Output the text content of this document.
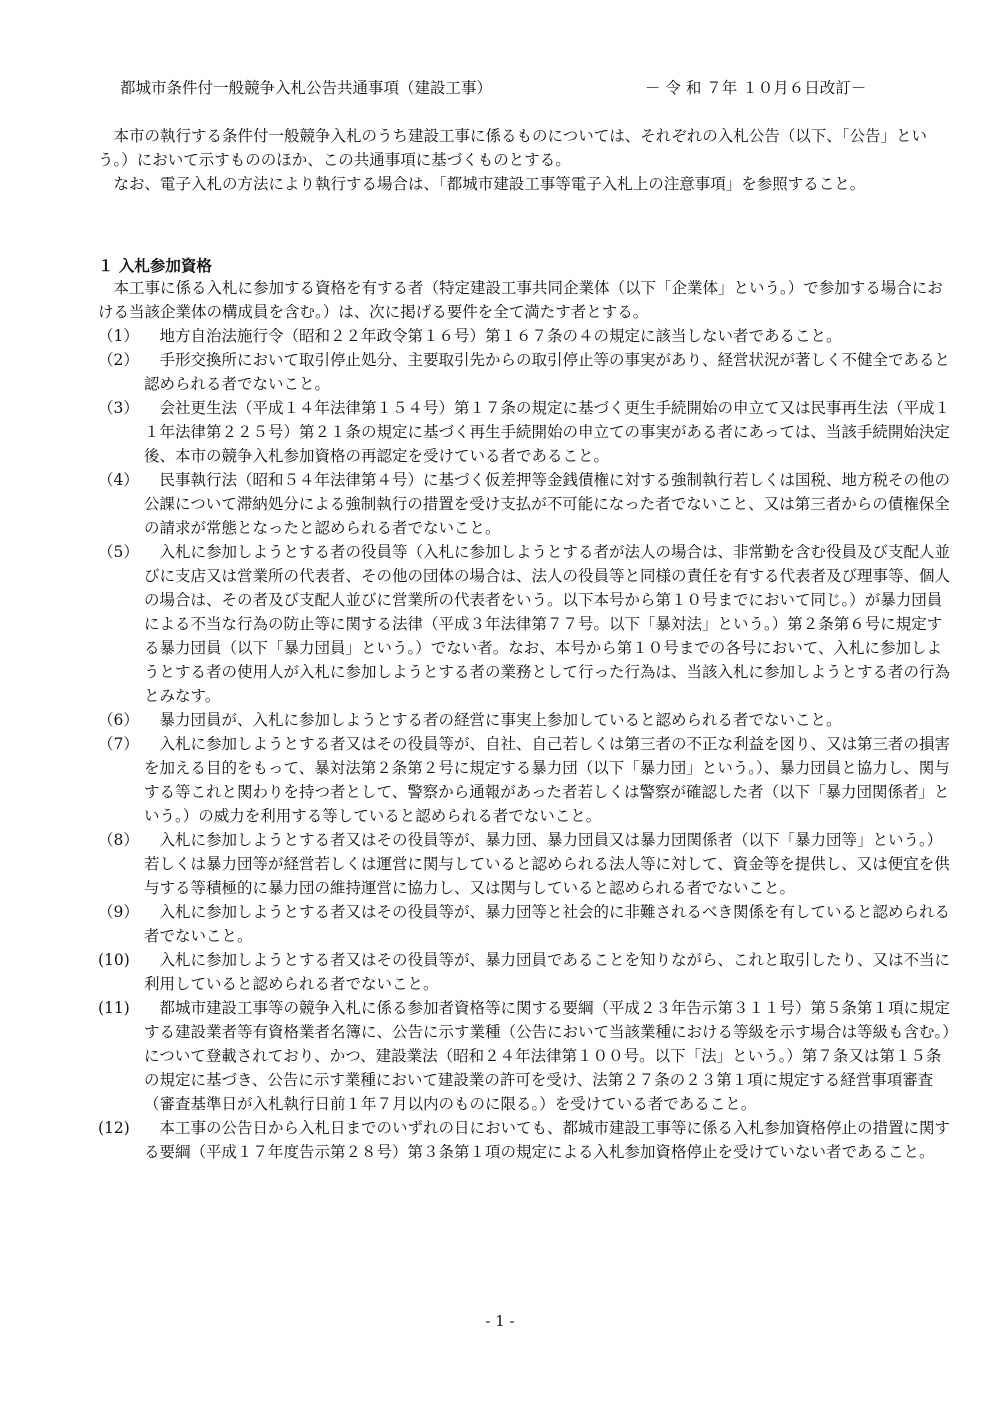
都城市条件付一般競争入札公告共通事項（建設工事）	－ 令 和 ７年 １０月６日改訂－

本市の執行する条件付一般競争入札のうち建設工事に係るものについては、それぞれの入札公告（以下、「公告」という。）において示すもののほか、この共通事項に基づくものとする。

なお、電子入札の方法により執行する場合は、「都城市建設工事等電子入札上の注意事項」を参照すること。

１ 入札参加資格

本工事に係る入札に参加する資格を有する者（特定建設工事共同企業体（以下「企業体」という。）で参加する場合における当該企業体の構成員を含む。）は、次に掲げる要件を全て満たす者とする。

（1）	地方自治法施行令（昭和２２年政令第１６号）第１６７条の４の規定に該当しない者であること。
（2）	手形交換所において取引停止処分、主要取引先からの取引停止等の事実があり、経営状況が著しく不健全であると認められる者でないこと。
（3）	会社更生法（平成１４年法律第１５４号）第１７条の規定に基づく更生手続開始の申立て又は民事再生法（平成１１年法律第２２５号）第２１条の規定に基づく再生手続開始の申立ての事実がある者にあっては、当該手続開始決定後、本市の競争入札参加資格の再認定を受けている者であること。
（4）	民事執行法（昭和５４年法律第４号）に基づく仮差押等金銭債権に対する強制執行若しくは国税、地方税その他の公課について滞納処分による強制執行の措置を受け支払が不可能になった者でないこと、又は第三者からの債権保全の請求が常態となったと認められる者でないこと。
（5）	入札に参加しようとする者の役員等（入札に参加しようとする者が法人の場合は、非常勤を含む役員及び支配人並びに支店又は営業所の代表者、その他の団体の場合は、法人の役員等と同様の責任を有する代表者及び理事等、個人の場合は、その者及び支配人並びに営業所の代表者をいう。以下本号から第１０号までにおいて同じ。）が暴力団員による不当な行為の防止等に関する法律（平成３年法律第７７号。以下「暴対法」という。）第２条第６号に規定する暴力団員（以下「暴力団員」という。）でない者。なお、本号から第１０号までの各号において、入札に参加しようとする者の使用人が入札に参加しようとする者の業務として行った行為は、当該入札に参加しようとする者の行為とみなす。
（6）	暴力団員が、入札に参加しようとする者の経営に事実上参加していると認められる者でないこと。
（7）	入札に参加しようとする者又はその役員等が、自社、自己若しくは第三者の不正な利益を図り、又は第三者の損害を加える目的をもって、暴対法第２条第２号に規定する暴力団（以下「暴力団」という。）、暴力団員と協力し、関与する等これと関わりを持つ者として、警察から通報があった者若しくは警察が確認した者（以下「暴力団関係者」という。）の威力を利用する等していると認められる者でないこと。
（8）	入札に参加しようとする者又はその役員等が、暴力団、暴力団員又は暴力団関係者（以下「暴力団等」という。） 若しくは暴力団等が経営若しくは運営に関与していると認められる法人等に対して、資金等を提供し、又は便宜を供与する等積極的に暴力団の維持運営に協力し、又は関与していると認められる者でないこと。
（9）	入札に参加しようとする者又はその役員等が、暴力団等と社会的に非難されるべき関係を有していると認められる者でないこと。
(10)	入札に参加しようとする者又はその役員等が、暴力団員であることを知りながら、これと取引したり、又は不当に利用していると認められる者でないこと。
(11)	都城市建設工事等の競争入札に係る参加者資格等に関する要綱（平成２３年告示第３１１号）第５条第１項に規定する建設業者等有資格業者名簿に、公告に示す業種（公告において当該業種における等級を示す場合は等級も含む。）について登載されており、かつ、建設業法（昭和２４年法律第１００号。以下「法」という。）第７条又は第１５条の規定に基づき、公告に示す業種において建設業の許可を受け、法第２７条の２３第１項に規定する経営事項審査（審査基準日が入札執行日前１年７月以内のものに限る。）を受けている者であること。
(12)	本工事の公告日から入札日までのいずれの日においても、都城市建設工事等に係る入札参加資格停止の措置に関する要綱（平成１７年度告示第２８号）第３条第１項の規定による入札参加資格停止を受けていない者であること。
- 1 -
